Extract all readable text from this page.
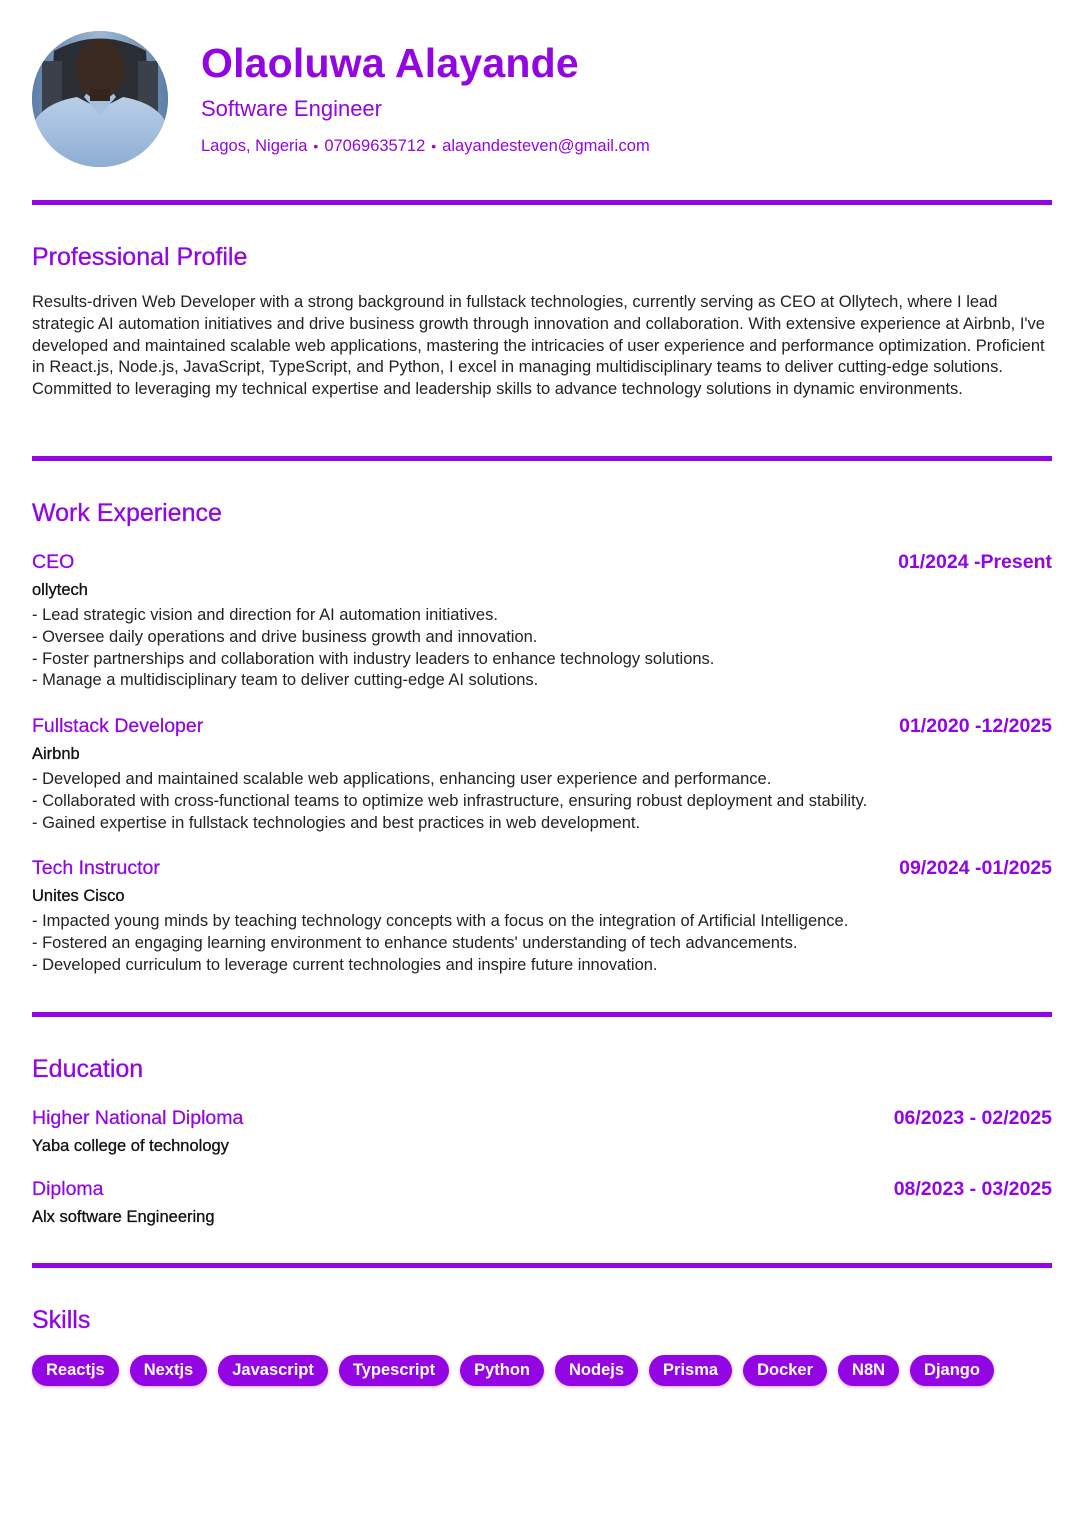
Olaoluwa Alayande
Software Engineer
Lagos, Nigeria • 07069635712 • alayandesteven@gmail.com
Professional Profile
Results-driven Web Developer with a strong background in fullstack technologies, currently serving as CEO at Ollytech, where I lead strategic AI automation initiatives and drive business growth through innovation and collaboration. With extensive experience at Airbnb, I've developed and maintained scalable web applications, mastering the intricacies of user experience and performance optimization. Proficient in React.js, Node.js, JavaScript, TypeScript, and Python, I excel in managing multidisciplinary teams to deliver cutting-edge solutions. Committed to leveraging my technical expertise and leadership skills to advance technology solutions in dynamic environments.
Work Experience
CEO	01/2024 -Present
ollytech
- Lead strategic vision and direction for AI automation initiatives.
- Oversee daily operations and drive business growth and innovation.
- Foster partnerships and collaboration with industry leaders to enhance technology solutions.
- Manage a multidisciplinary team to deliver cutting-edge AI solutions.
Fullstack Developer	01/2020 -12/2025
Airbnb
- Developed and maintained scalable web applications, enhancing user experience and performance.
- Collaborated with cross-functional teams to optimize web infrastructure, ensuring robust deployment and stability.
- Gained expertise in fullstack technologies and best practices in web development.
Tech Instructor	09/2024 -01/2025
Unites Cisco
- Impacted young minds by teaching technology concepts with a focus on the integration of Artificial Intelligence.
- Fostered an engaging learning environment to enhance students' understanding of tech advancements.
- Developed curriculum to leverage current technologies and inspire future innovation.
Education
Higher National Diploma	06/2023 - 02/2025
Yaba college of technology
Diploma	08/2023 - 03/2025
Alx software Engineering
Skills
Reactjs	Nextjs	Javascript	Typescript	Python	Nodejs	Prisma	Docker	N8N	Django
